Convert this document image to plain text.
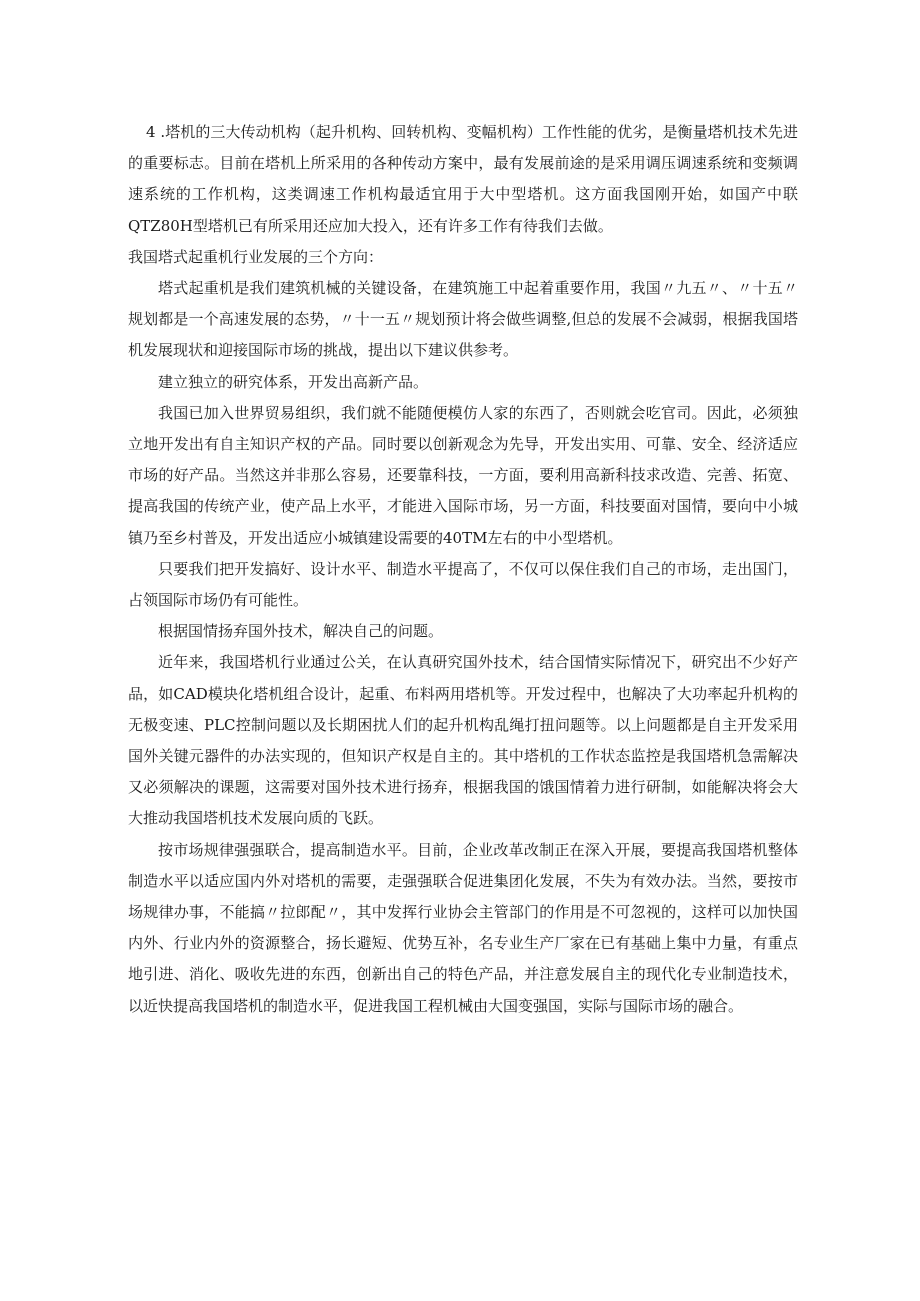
4 .塔机的三大传动机构（起升机构、回转机构、变幅机构）工作性能的优劣，是衡量塔机技术先进的重要标志。目前在塔机上所采用的各种传动方案中，最有发展前途的是采用调压调速系统和变频调速系统的工作机构，这类调速工作机构最适宜用于大中型塔机。这方面我国刚开始，如国产中联QTZ80H型塔机已有所采用还应加大投入，还有许多工作有待我们去做。

我国塔式起重机行业发展的三个方向：

塔式起重机是我们建筑机械的关键设备，在建筑施工中起着重要作用，我国〃九五〃、〃十五〃规划都是一个高速发展的态势，〃十一五〃规划预计将会做些调整,但总的发展不会减弱，根据我国塔机发展现状和迎接国际市场的挑战，提出以下建议供参考。

建立独立的研究体系，开发出高新产品。

我国已加入世界贸易组织，我们就不能随便模仿人家的东西了，否则就会吃官司。因此，必须独立地开发出有自主知识产权的产品。同时要以创新观念为先导，开发出实用、可靠、安全、经济适应市场的好产品。当然这并非那么容易，还要靠科技，一方面，要利用高新科技求改造、完善、拓宽、提高我国的传统产业，使产品上水平，才能进入国际市场，另一方面，科技要面对国情，要向中小城镇乃至乡村普及，开发出适应小城镇建设需要的40TM左右的中小型塔机。

只要我们把开发搞好、设计水平、制造水平提高了，不仅可以保住我们自己的市场，走出国门，占领国际市场仍有可能性。

根据国情扬弃国外技术，解决自己的问题。

近年来，我国塔机行业通过公关，在认真研究国外技术，结合国情实际情况下，研究出不少好产品，如CAD模块化塔机组合设计，起重、布料两用塔机等。开发过程中，也解决了大功率起升机构的无极变速、PLC控制问题以及长期困扰人们的起升机构乱绳打扭问题等。以上问题都是自主开发采用国外关键元器件的办法实现的，但知识产权是自主的。其中塔机的工作状态监控是我国塔机急需解决又必须解决的课题，这需要对国外技术进行扬弃，根据我国的饿国情着力进行研制，如能解决将会大大推动我国塔机技术发展向质的飞跃。

按市场规律强强联合，提高制造水平。目前，企业改革改制正在深入开展，要提高我国塔机整体制造水平以适应国内外对塔机的需要，走强强联合促进集团化发展，不失为有效办法。当然，要按市场规律办事，不能搞〃拉郎配〃，其中发挥行业协会主管部门的作用是不可忽视的，这样可以加快国内外、行业内外的资源整合，扬长避短、优势互补，名专业生产厂家在已有基础上集中力量，有重点地引进、消化、吸收先进的东西，创新出自己的特色产品，并注意发展自主的现代化专业制造技术，以近快提高我国塔机的制造水平，促进我国工程机械由大国变强国，实际与国际市场的融合。
